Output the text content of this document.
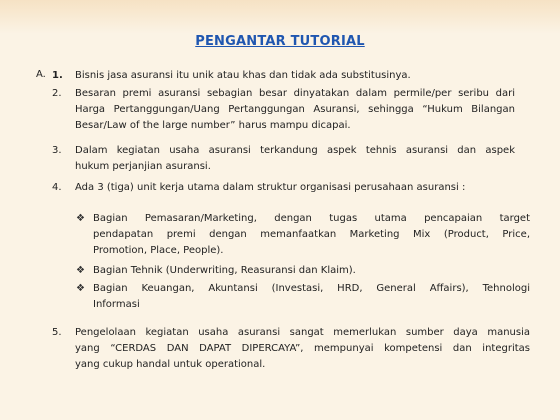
PENGANTAR TUTORIAL
A. 1. Bisnis jasa asuransi itu unik atau khas dan tidak ada substitusinya.
2. Besaran premi asuransi sebagian besar dinyatakan dalam permile/per seribu dari
Harga Pertanggungan/Uang Pertanggungan Asuransi, sehingga “Hukum Bilangan
Besar/Law of the large number” harus mampu dicapai.
3. Dalam kegiatan usaha asuransi terkandung aspek tehnis asuransi dan aspek
hukum perjanjian asuransi.
4. Ada 3 (tiga) unit kerja utama dalam struktur organisasi perusahaan asuransi :
❖ Bagian Pemasaran/Marketing, dengan tugas utama pencapaian target
pendapatan premi dengan memanfaatkan Marketing Mix (Product, Price,
Promotion, Place, People).
❖ Bagian Tehnik (Underwriting, Reasuransi dan Klaim).
❖ Bagian Keuangan, Akuntansi (Investasi, HRD, General Affairs), Tehnologi
Informasi
5. Pengelolaan kegiatan usaha asuransi sangat memerlukan sumber daya manusia
yang “CERDAS DAN DAPAT DIPERCAYA”, mempunyai kompetensi dan integritas
yang cukup handal untuk operational.
